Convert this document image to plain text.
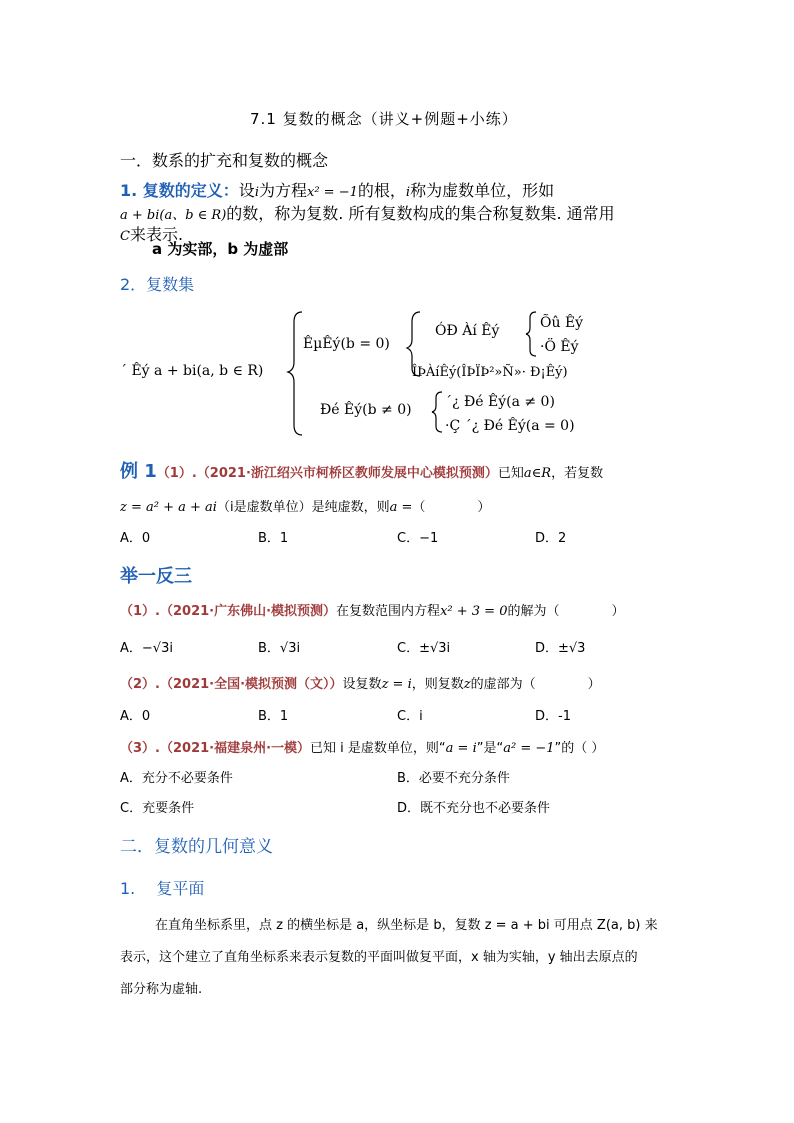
7.1 复数的概念（讲义+例题+小练）
一．数系的扩充和复数的概念
1. 复数的定义：设i为方程x² = −1的根，i称为虚数单位，形如
a + bi(a、b ∈ R)的数，称为复数. 所有复数构成的集合称复数集. 通常用
C来表示.
a 为实部，b 为虚部
2．复数集
´ Êý a + bi(a, b ∈ R)
ÊµÊý(b = 0)
ÓÐ Àí Êý	Õû Êý
·Ö Êý
ÎÞÀíÊý(ÎÞÏÞ²»Ñ»· Ð¡Êý)
Ðé Êý(b ≠ 0) ´¿ Ðé Êý(a ≠ 0)
·Ç ´¿ Ðé Êý(a = 0)
例 1（1）.（2021·浙江绍兴市柯桥区教师发展中心模拟预测）已知a∈R，若复数
z = a² + a + ai（i是虚数单位）是纯虚数，则a =（　　　　）
A．0	B．1	C．−1	D．2
举一反三
（1）.（2021·广东佛山·模拟预测）在复数范围内方程x² + 3 = 0的解为（　　　　）
A．−√3i	B．√3i	C．±√3i	D．±√3
（2）.（2021·全国·模拟预测（文））设复数z = i，则复数z的虚部为（　　　　）
A．0	B．1	C．i	D．-1
（3）.（2021·福建泉州·一模）已知 i 是虚数单位，则“a = i”是“a² = −1”的（ ）
A．充分不必要条件	B．必要不充分条件
C．充要条件	D．既不充分也不必要条件
二．复数的几何意义
1.　 复平面
在直角坐标系里，点 z 的横坐标是 a，纵坐标是 b，复数 z = a + bi 可用点 Z(a, b) 来
表示，这个建立了直角坐标系来表示复数的平面叫做复平面，x 轴为实轴，y 轴出去原点的
部分称为虚轴.
